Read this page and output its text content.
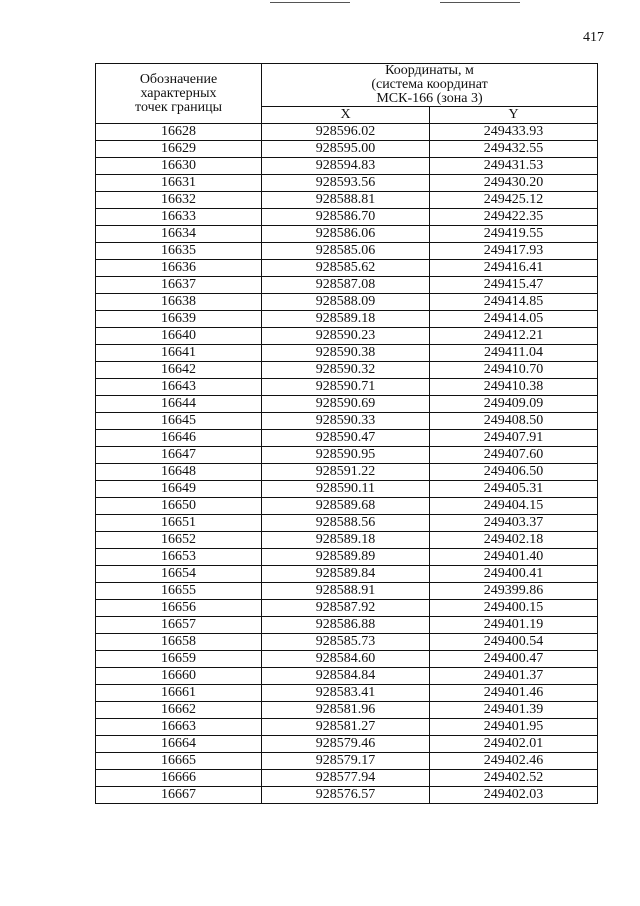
417
Обозначение
характерных
точек границы	Координаты, м
(система координат
МСК-166 (зона 3)	

	X	Y
16628	928596.02	249433.93
16629	928595.00	249432.55
16630	928594.83	249431.53
16631	928593.56	249430.20
16632	928588.81	249425.12
16633	928586.70	249422.35
16634	928586.06	249419.55
16635	928585.06	249417.93
16636	928585.62	249416.41
16637	928587.08	249415.47
16638	928588.09	249414.85
16639	928589.18	249414.05
16640	928590.23	249412.21
16641	928590.38	249411.04
16642	928590.32	249410.70
16643	928590.71	249410.38
16644	928590.69	249409.09
16645	928590.33	249408.50
16646	928590.47	249407.91
16647	928590.95	249407.60
16648	928591.22	249406.50
16649	928590.11	249405.31
16650	928589.68	249404.15
16651	928588.56	249403.37
16652	928589.18	249402.18
16653	928589.89	249401.40
16654	928589.84	249400.41
16655	928588.91	249399.86
16656	928587.92	249400.15
16657	928586.88	249401.19
16658	928585.73	249400.54
16659	928584.60	249400.47
16660	928584.84	249401.37
16661	928583.41	249401.46
16662	928581.96	249401.39
16663	928581.27	249401.95
16664	928579.46	249402.01
16665	928579.17	249402.46
16666	928577.94	249402.52
16667	928576.57	249402.03
